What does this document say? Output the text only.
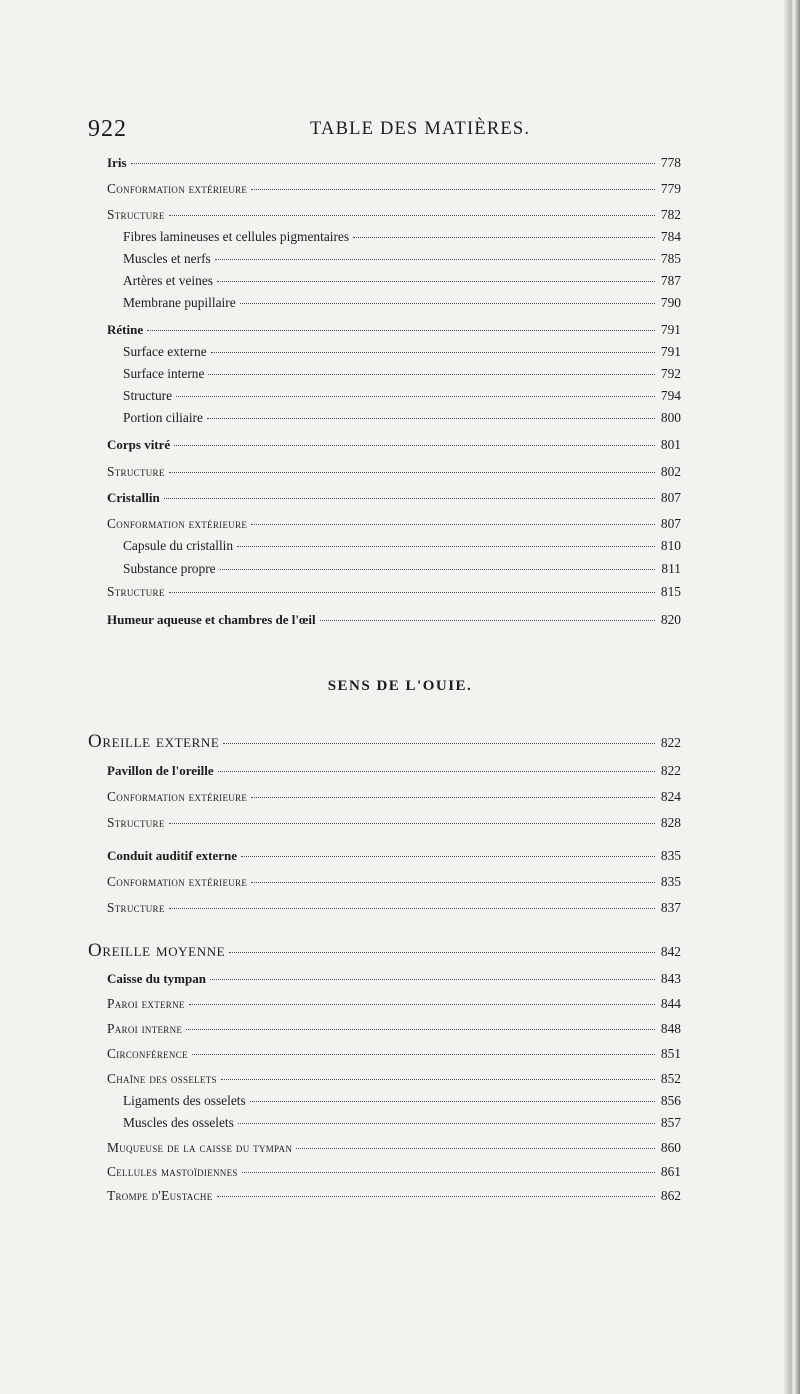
922	TABLE DES MATIÈRES.
Iris	778
Conformation extérieure	779
Structure	782
Fibres lamineuses et cellules pigmentaires	784
Muscles et nerfs	785
Artères et veines	787
Membrane pupillaire	790
Rétine	791
Surface externe	791
Surface interne	792
Structure	794
Portion ciliaire	800
Corps vitré	801
Structure	802
Cristallin	807
Conformation extérieure	807
Capsule du cristallin	810
Substance propre	811
Structure	815
Humeur aqueuse et chambres de l'œil	820
SENS DE L'OUIE.
Oreille externe	822
Pavillon de l'oreille	822
Conformation extérieure	824
Structure	828
Conduit auditif externe	835
Conformation extérieure	835
Structure	837
Oreille moyenne	842
Caisse du tympan	843
Paroi externe	844
Paroi interne	848
Circonférence	851
Chaîne des osselets	852
Ligaments des osselets	856
Muscles des osselets	857
Muqueuse de la caisse du tympan	860
Cellules mastoïdiennes	861
Trompe d'Eustache	862
